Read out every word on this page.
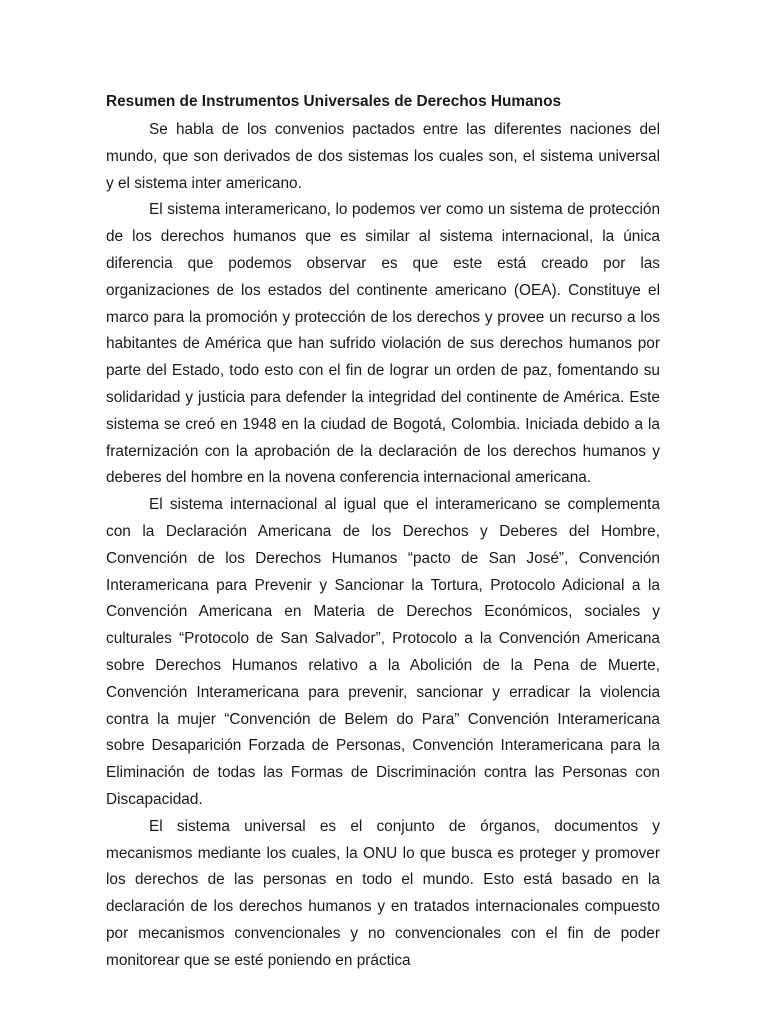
Resumen de Instrumentos Universales de Derechos Humanos

Se habla de los convenios pactados entre las diferentes naciones del mundo, que son derivados de dos sistemas los cuales son, el sistema universal y el sistema inter americano.

El sistema interamericano, lo podemos ver como un sistema de protección de los derechos humanos que es similar al sistema internacional, la única diferencia que podemos observar es que este está creado por las organizaciones de los estados del continente americano (OEA). Constituye el marco para la promoción y protección de los derechos y provee un recurso a los habitantes de América que han sufrido violación de sus derechos humanos por parte del Estado, todo esto con el fin de lograr un orden de paz, fomentando su solidaridad y justicia para defender la integridad del continente de América. Este sistema se creó en 1948 en la ciudad de Bogotá, Colombia. Iniciada debido a la fraternización con la aprobación de la declaración de los derechos humanos y deberes del hombre en la novena conferencia internacional americana.

El sistema internacional al igual que el interamericano se complementa con la Declaración Americana de los Derechos y Deberes del Hombre, Convención de los Derechos Humanos “pacto de San José”, Convención Interamericana para Prevenir y Sancionar la Tortura, Protocolo Adicional a la Convención Americana en Materia de Derechos Económicos, sociales y culturales “Protocolo de San Salvador”, Protocolo a la Convención Americana sobre Derechos Humanos relativo a la Abolición de la Pena de Muerte, Convención Interamericana para prevenir, sancionar y erradicar la violencia contra la mujer “Convención de Belem do Para” Convención Interamericana sobre Desaparición Forzada de Personas, Convención Interamericana para la Eliminación de todas las Formas de Discriminación contra las Personas con Discapacidad.

El sistema universal es el conjunto de órganos, documentos y mecanismos mediante los cuales, la ONU lo que busca es proteger y promover los derechos de las personas en todo el mundo. Esto está basado en la declaración de los derechos humanos y en tratados internacionales compuesto por mecanismos convencionales y no convencionales con el fin de poder monitorear que se esté poniendo en práctica
